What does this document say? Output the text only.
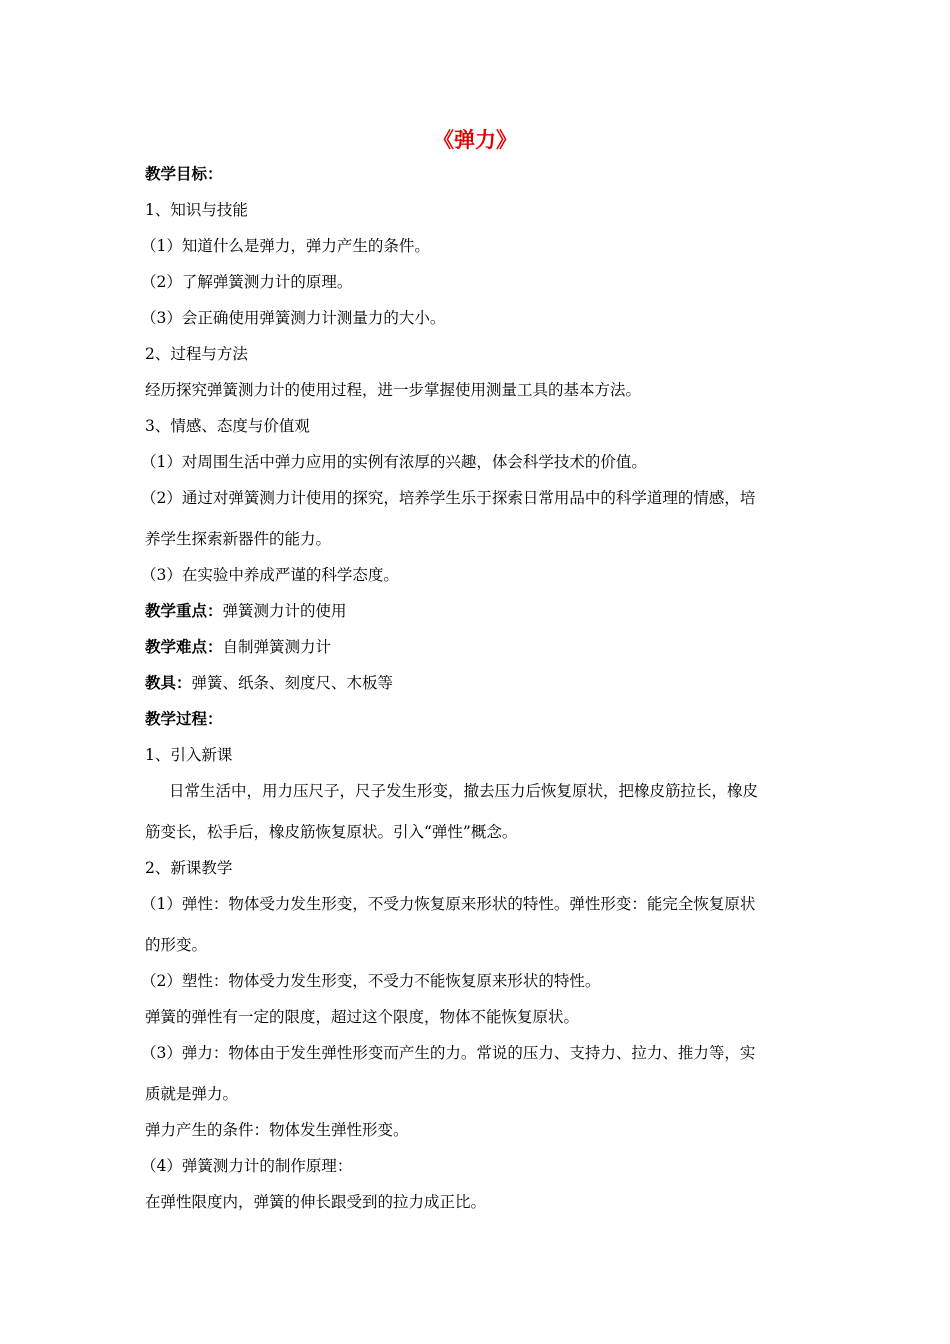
《弹力》
教学目标：
1、知识与技能
（1）知道什么是弹力，弹力产生的条件。
（2）了解弹簧测力计的原理。
（3）会正确使用弹簧测力计测量力的大小。
2、过程与方法
经历探究弹簧测力计的使用过程，进一步掌握使用测量工具的基本方法。
3、情感、态度与价值观
（1）对周围生活中弹力应用的实例有浓厚的兴趣，体会科学技术的价值。
（2）通过对弹簧测力计使用的探究，培养学生乐于探索日常用品中的科学道理的情感，培
养学生探索新器件的能力。
（3）在实验中养成严谨的科学态度。
教学重点：弹簧测力计的使用
教学难点：自制弹簧测力计
教具：弹簧、纸条、刻度尺、木板等
教学过程：
1、引入新课
日常生活中，用力压尺子，尺子发生形变，撤去压力后恢复原状，把橡皮筋拉长，橡皮
筋变长，松手后，橡皮筋恢复原状。引入“弹性”概念。
2、新课教学
（1）弹性：物体受力发生形变，不受力恢复原来形状的特性。弹性形变：能完全恢复原状
的形变。
（2）塑性：物体受力发生形变，不受力不能恢复原来形状的特性。
弹簧的弹性有一定的限度，超过这个限度，物体不能恢复原状。
（3）弹力：物体由于发生弹性形变而产生的力。常说的压力、支持力、拉力、推力等，实
质就是弹力。
弹力产生的条件：物体发生弹性形变。
（4）弹簧测力计的制作原理：
在弹性限度内，弹簧的伸长跟受到的拉力成正比。
